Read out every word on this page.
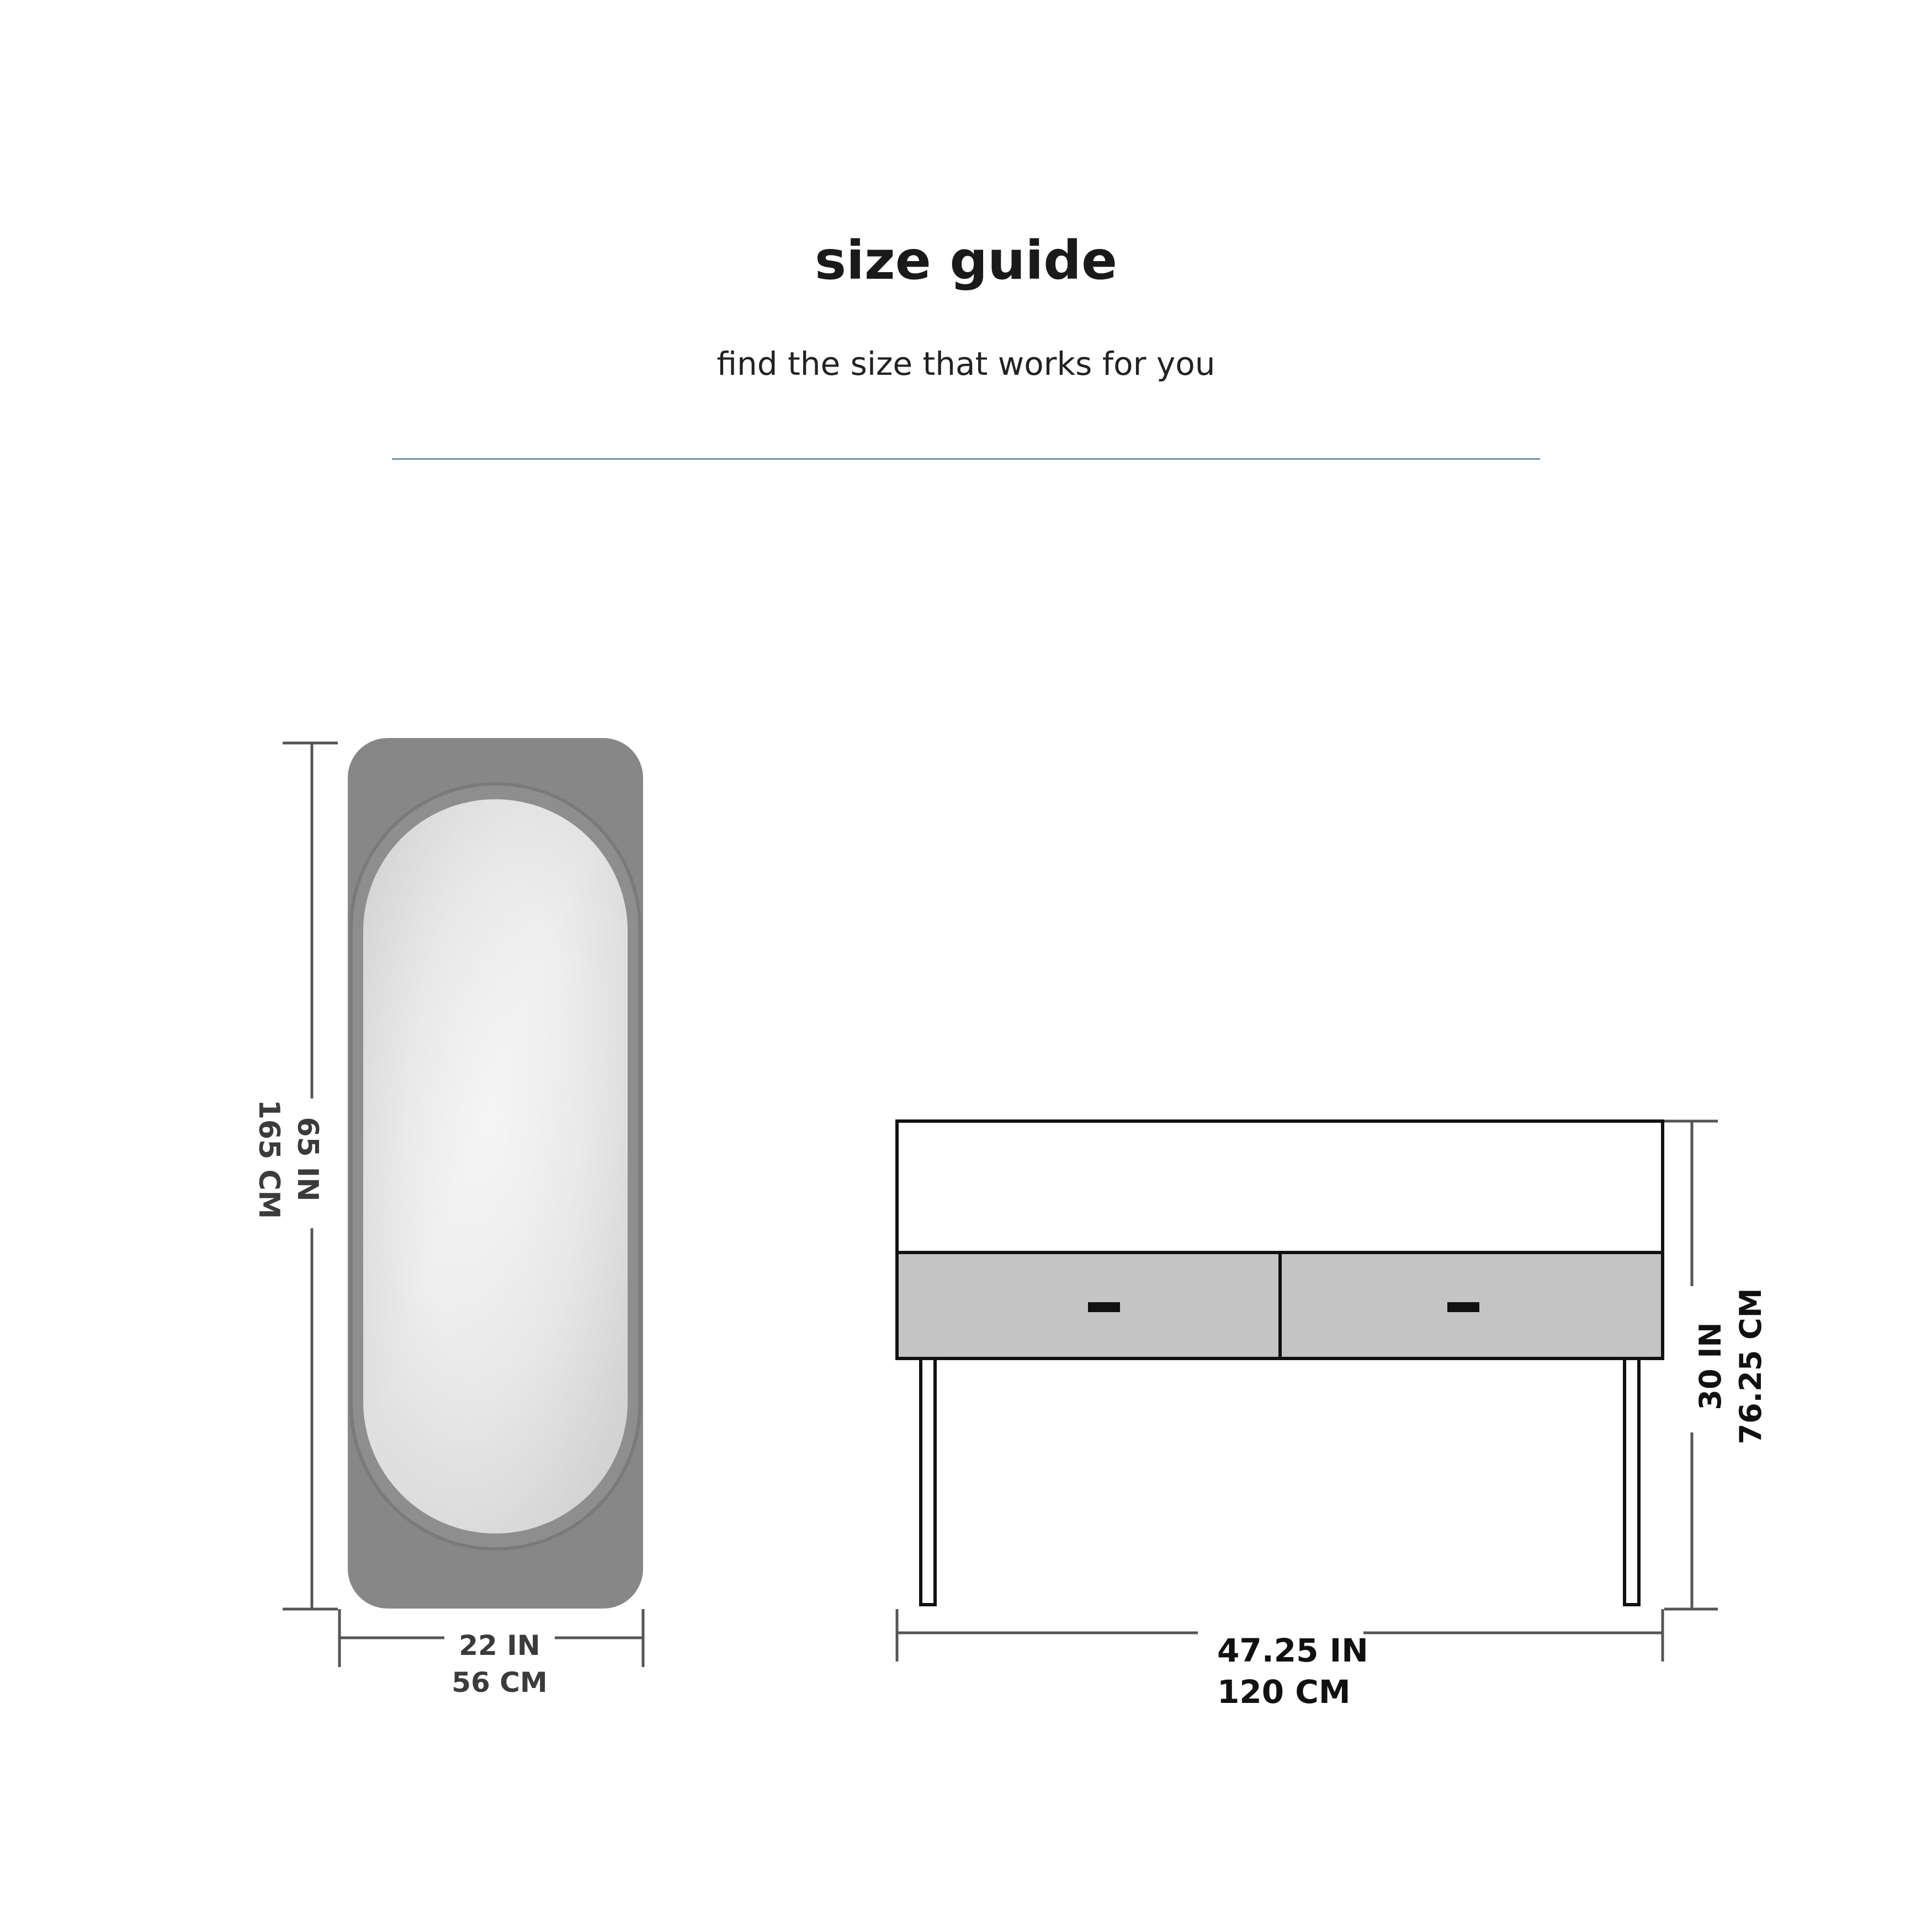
size guide
find the size that works for you
65 IN
165 CM
22 IN
56 CM
30 IN 76.25 CM
47.25 IN
120 CM
